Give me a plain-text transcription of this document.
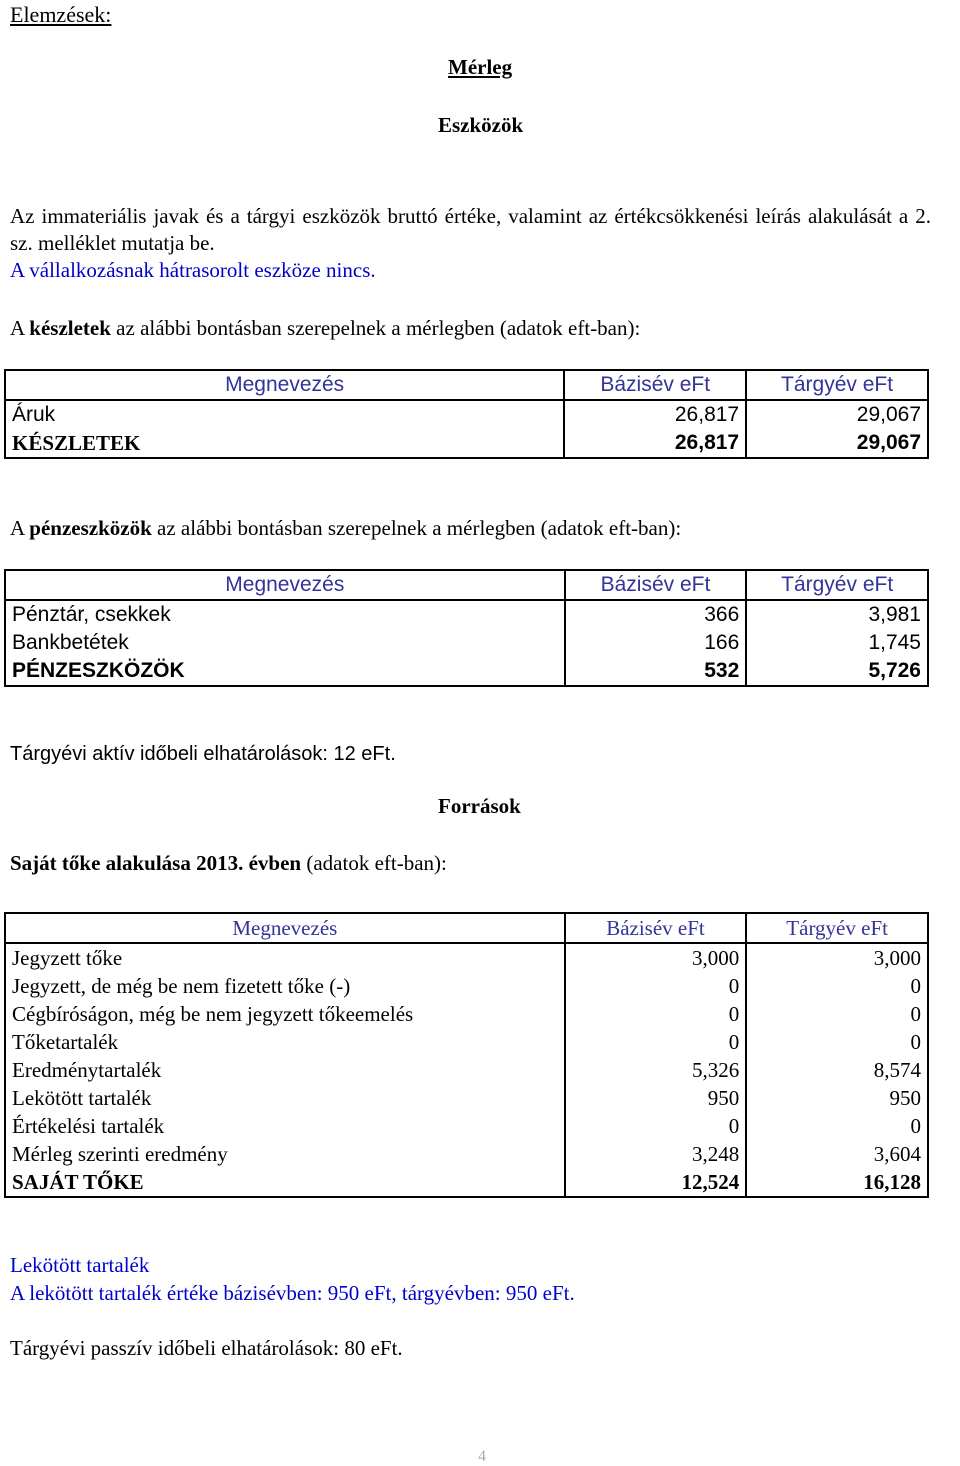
Elemzések:
Mérleg
Eszközök

Az immateriális javak és a tárgyi eszközök bruttó értéke, valamint az értékcsökkenési leírás alakulását a 2. sz. melléklet mutatja be.

A vállalkozásnak hátrasorolt eszköze nincs.
A készletek az alábbi bontásban szerepelnek a mérlegben (adatok eft-ban):
Megnevezés	Bázisév eFt	Tárgyév eFt
Áruk	26,817	29,067
KÉSZLETEK	26,817	29,067
A pénzeszközök az alábbi bontásban szerepelnek a mérlegben (adatok eft-ban):
Megnevezés	Bázisév eFt	Tárgyév eFt
Pénztár, csekkek	366	3,981
Bankbetétek	166	1,745
PÉNZESZKÖZÖK	532	5,726
Tárgyévi aktív időbeli elhatárolások: 12 eFt.
Források
Saját tőke alakulása 2013. évben (adatok eft-ban):
Megnevezés	Bázisév eFt	Tárgyév eFt
Jegyzett tőke	3,000	3,000
Jegyzett, de még be nem fizetett tőke (-)	0	0
Cégbíróságon, még be nem jegyzett tőkeemelés	0	0
Tőketartalék	0	0
Eredménytartalék	5,326	8,574
Lekötött tartalék	950	950
Értékelési tartalék	0	0
Mérleg szerinti eredmény	3,248	3,604
SAJÁT TŐKE	12,524	16,128
Lekötött tartalék
A lekötött tartalék értéke bázisévben: 950 eFt, tárgyévben: 950 eFt.
Tárgyévi passzív időbeli elhatárolások: 80 eFt.
4
